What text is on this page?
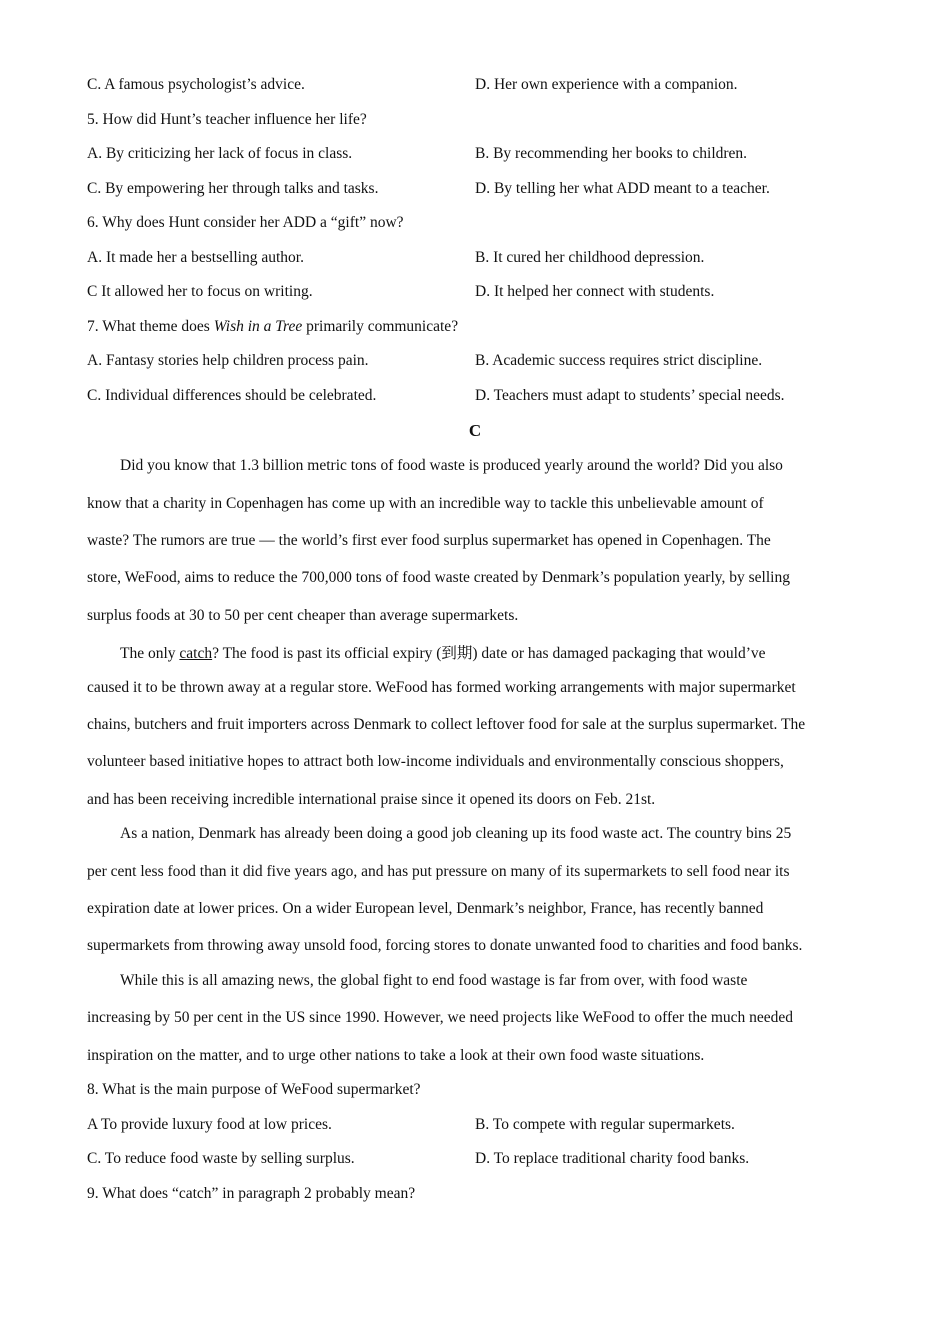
C. A famous psychologist’s advice.	D. Her own experience with a companion.
5. How did Hunt’s teacher influence her life?
A. By criticizing her lack of focus in class.	B. By recommending her books to children.
C. By empowering her through talks and tasks.	D. By telling her what ADD meant to a teacher.
6. Why does Hunt consider her ADD a “gift” now?
A. It made her a bestselling author.	B. It cured her childhood depression.
C It allowed her to focus on writing.	D. It helped her connect with students.
7. What theme does Wish in a Tree primarily communicate?
A. Fantasy stories help children process pain.	B. Academic success requires strict discipline.
C. Individual differences should be celebrated.	D. Teachers must adapt to students’ special needs.
C
Did you know that 1.3 billion metric tons of food waste is produced yearly around the world? Did you also
know that a charity in Copenhagen has come up with an incredible way to tackle this unbelievable amount of
waste? The rumors are true — the world’s first ever food surplus supermarket has opened in Copenhagen. The
store, WeFood, aims to reduce the 700,000 tons of food waste created by Denmark’s population yearly, by selling
surplus foods at 30 to 50 per cent cheaper than average supermarkets.
The only catch? The food is past its official expiry (到期) date or has damaged packaging that would’ve
caused it to be thrown away at a regular store. WeFood has formed working arrangements with major supermarket
chains, butchers and fruit importers across Denmark to collect leftover food for sale at the surplus supermarket. The
volunteer based initiative hopes to attract both low-income individuals and environmentally conscious shoppers,
and has been receiving incredible international praise since it opened its doors on Feb. 21st.
As a nation, Denmark has already been doing a good job cleaning up its food waste act. The country bins 25
per cent less food than it did five years ago, and has put pressure on many of its supermarkets to sell food near its
expiration date at lower prices. On a wider European level, Denmark’s neighbor, France, has recently banned
supermarkets from throwing away unsold food, forcing stores to donate unwanted food to charities and food banks.
While this is all amazing news, the global fight to end food wastage is far from over, with food waste
increasing by 50 per cent in the US since 1990. However, we need projects like WeFood to offer the much needed
inspiration on the matter, and to urge other nations to take a look at their own food waste situations.
8. What is the main purpose of WeFood supermarket?
A To provide luxury food at low prices.	B. To compete with regular supermarkets.
C. To reduce food waste by selling surplus.	D. To replace traditional charity food banks.
9. What does “catch” in paragraph 2 probably mean?
